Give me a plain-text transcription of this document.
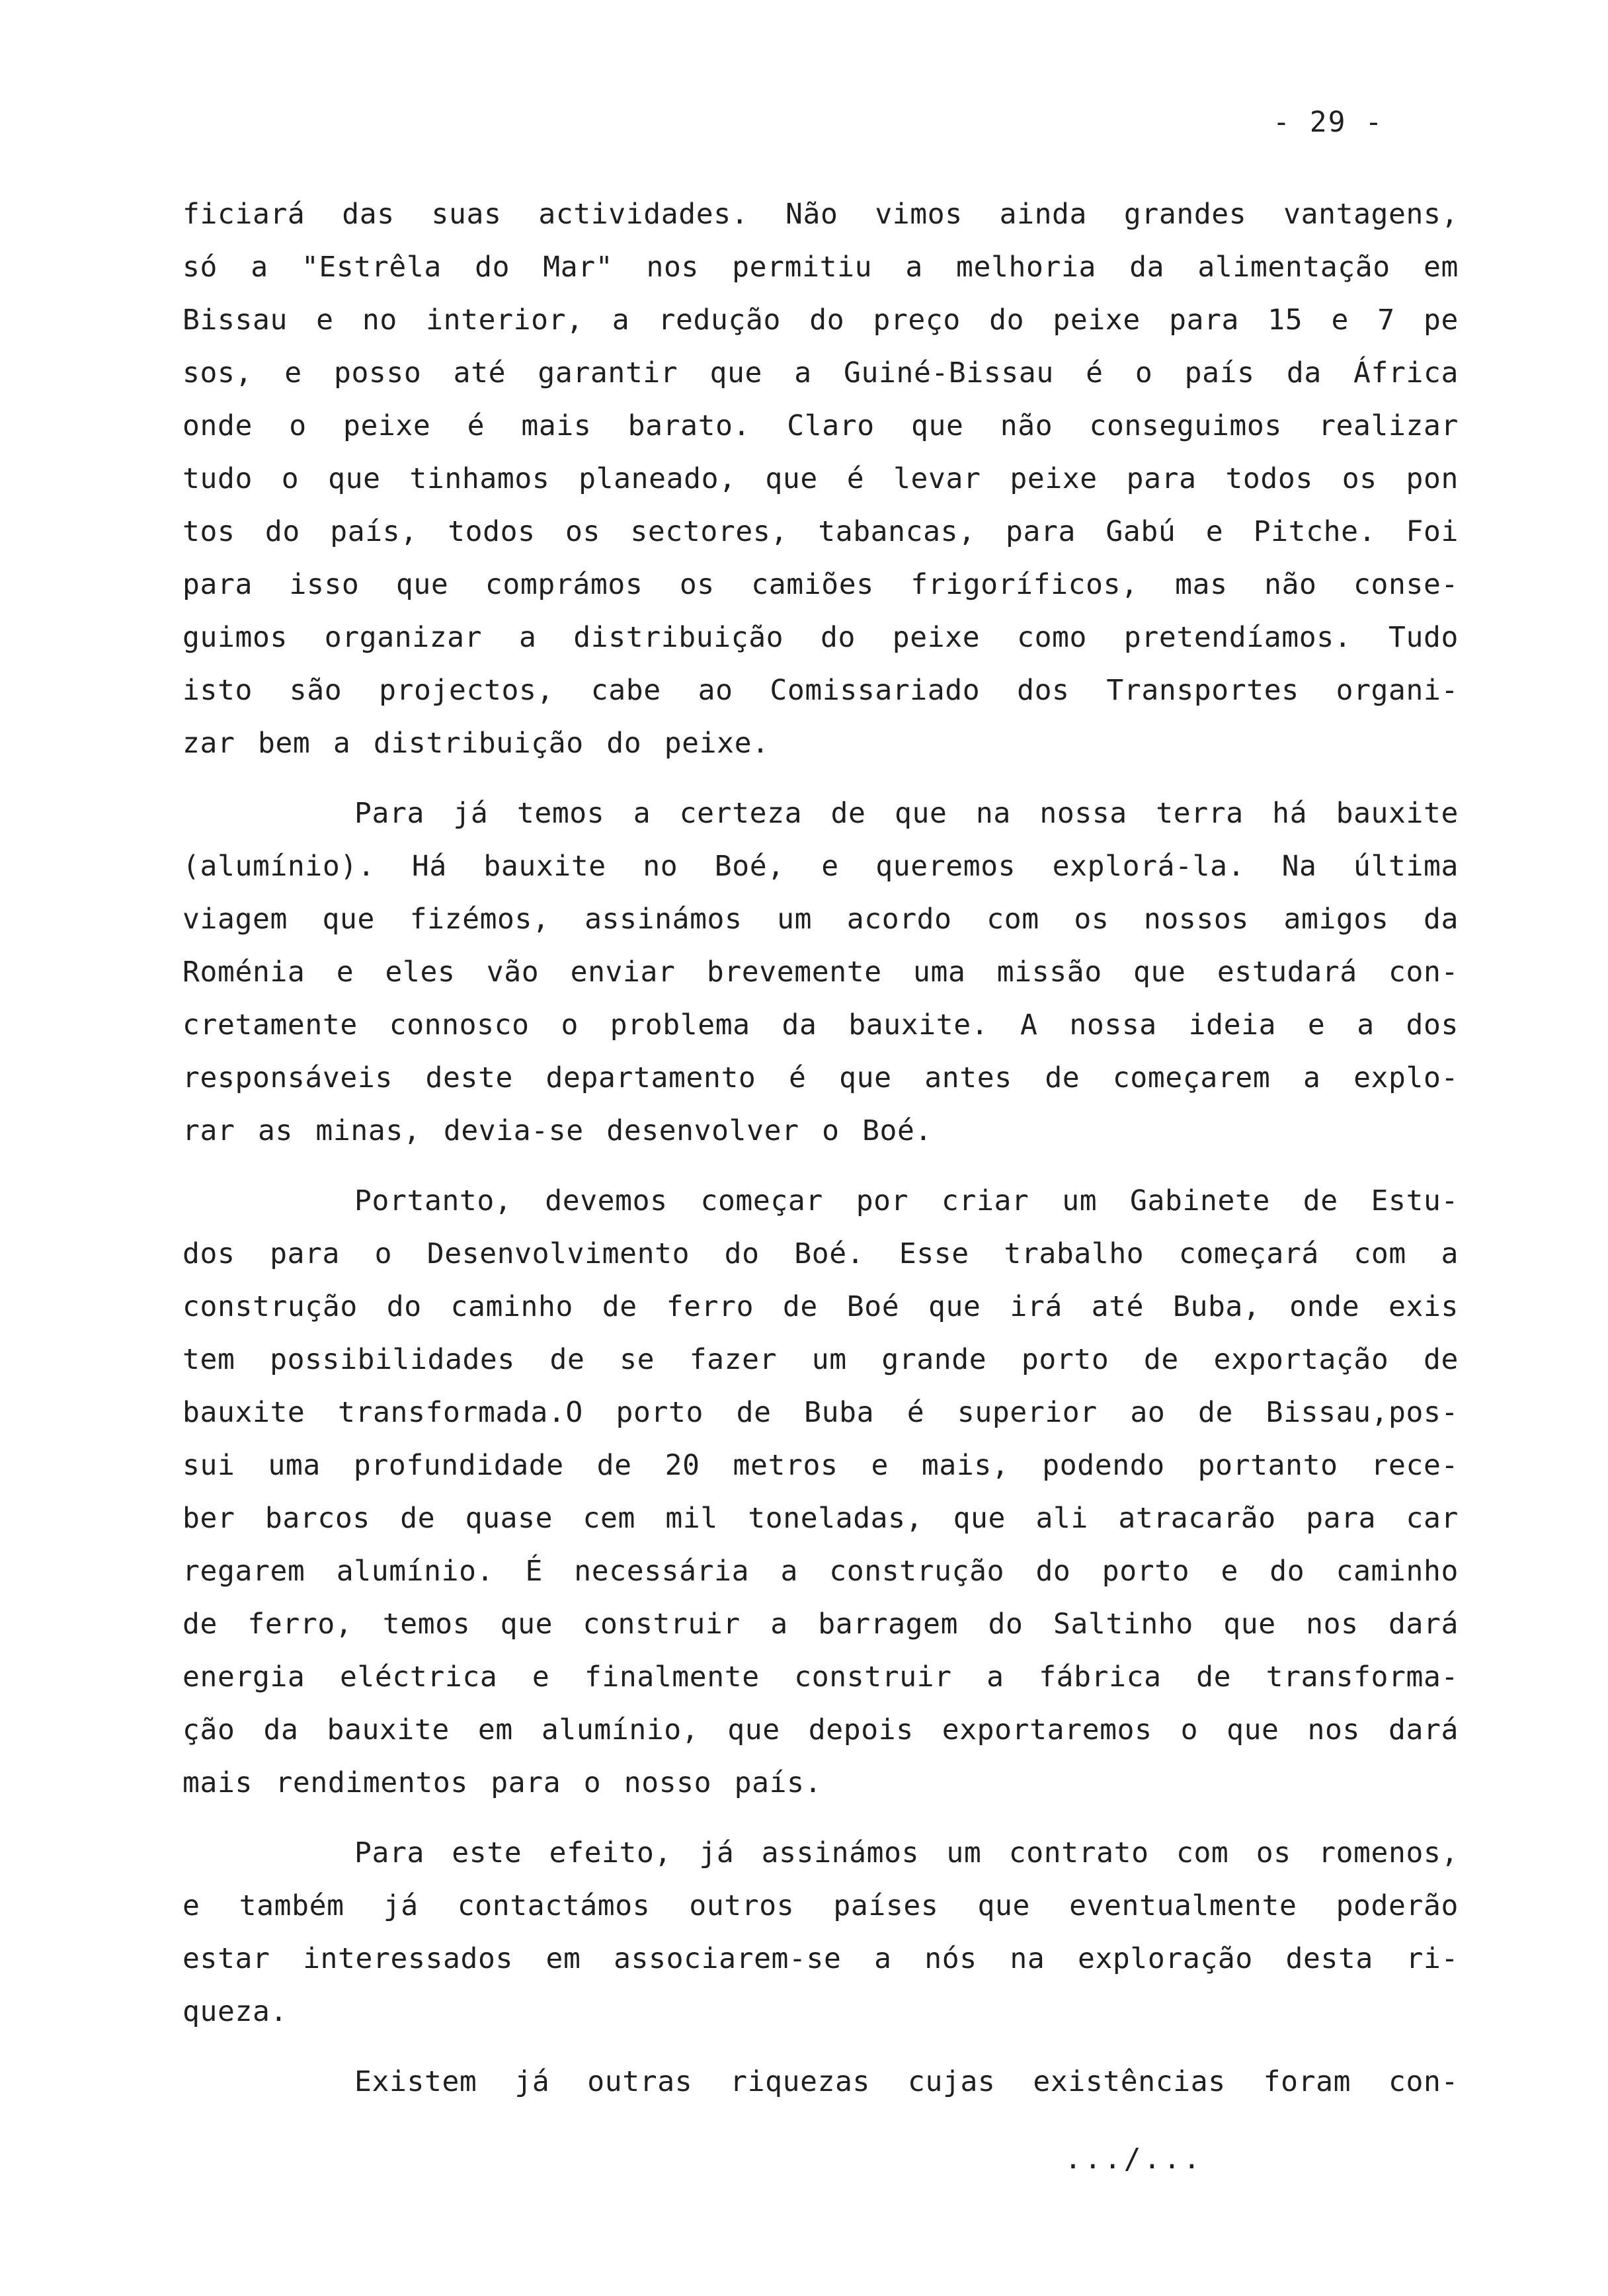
- 29 -

ficiará das suas actividades. Não vimos ainda grandes vantagens,
só a "Estrêla do Mar" nos permitiu a melhoria da alimentação em
Bissau e no interior, a redução do preço do peixe para 15 e 7 pe
sos, e posso até garantir que a Guiné-Bissau é o país da África
onde o peixe é mais barato. Claro que não conseguimos realizar
tudo o que tinhamos planeado, que é levar peixe para todos os pon
tos do país, todos os sectores, tabancas, para Gabú e Pitche. Foi
para isso que comprámos os camiões frigoríficos, mas não conse-
guimos organizar a distribuição do peixe como pretendíamos. Tudo
isto são projectos, cabe ao Comissariado dos Transportes organi-
zar bem a distribuição do peixe.

Para já temos a certeza de que na nossa terra há bauxite
(alumínio). Há bauxite no Boé, e queremos explorá-la. Na última
viagem que fizémos, assinámos um acordo com os nossos amigos da
Roménia e eles vão enviar brevemente uma missão que estudará con-
cretamente connosco o problema da bauxite. A nossa ideia e a dos
responsáveis deste departamento é que antes de começarem a explo-
rar as minas, devia-se desenvolver o Boé.

Portanto, devemos começar por criar um Gabinete de Estu-
dos para o Desenvolvimento do Boé. Esse trabalho começará com a
construção do caminho de ferro de Boé que irá até Buba, onde exis
tem possibilidades de se fazer um grande porto de exportação de
bauxite transformada.O porto de Buba é superior ao de Bissau,pos-
sui uma profundidade de 20 metros e mais, podendo portanto rece-
ber barcos de quase cem mil toneladas, que ali atracarão para car
regarem alumínio. É necessária a construção do porto e do caminho
de ferro, temos que construir a barragem do Saltinho que nos dará
energia eléctrica e finalmente construir a fábrica de transforma-
ção da bauxite em alumínio, que depois exportaremos o que nos dará
mais rendimentos para o nosso país.

Para este efeito, já assinámos um contrato com os romenos,
e também já contactámos outros países que eventualmente poderão
estar interessados em associarem-se a nós na exploração desta ri-
queza.

Existem já outras riquezas cujas existências foram con-

.../...
